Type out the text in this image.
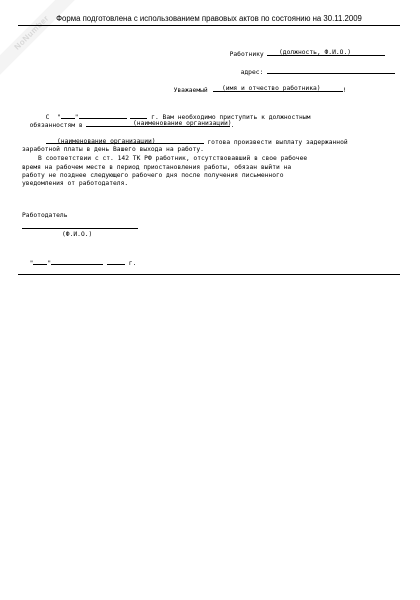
NoNumber Форма подготовлена с использованием правовых актов по состоянию на 30.11.2009

Работнику	(должность, Ф.И.О.)

адрес:

Уважаемый	!

(имя и отчество работника)

С " "	г. Вам необходимо приступить к должностным

обязанностям в	.

(наименование организации)

готова произвести выплату задержанной

(наименование организации)
заработной платы в день Вашего выхода на работу.
В соответствии с ст. 142 ТК РФ работник, отсутствовавший в свое рабочее
время на рабочем месте в период приостановления работы, обязан выйти на
работу не позднее следующего рабочего дня после получения письменного
уведомления от работодателя.
Работодатель
(Ф.И.О.)

" "	г.
